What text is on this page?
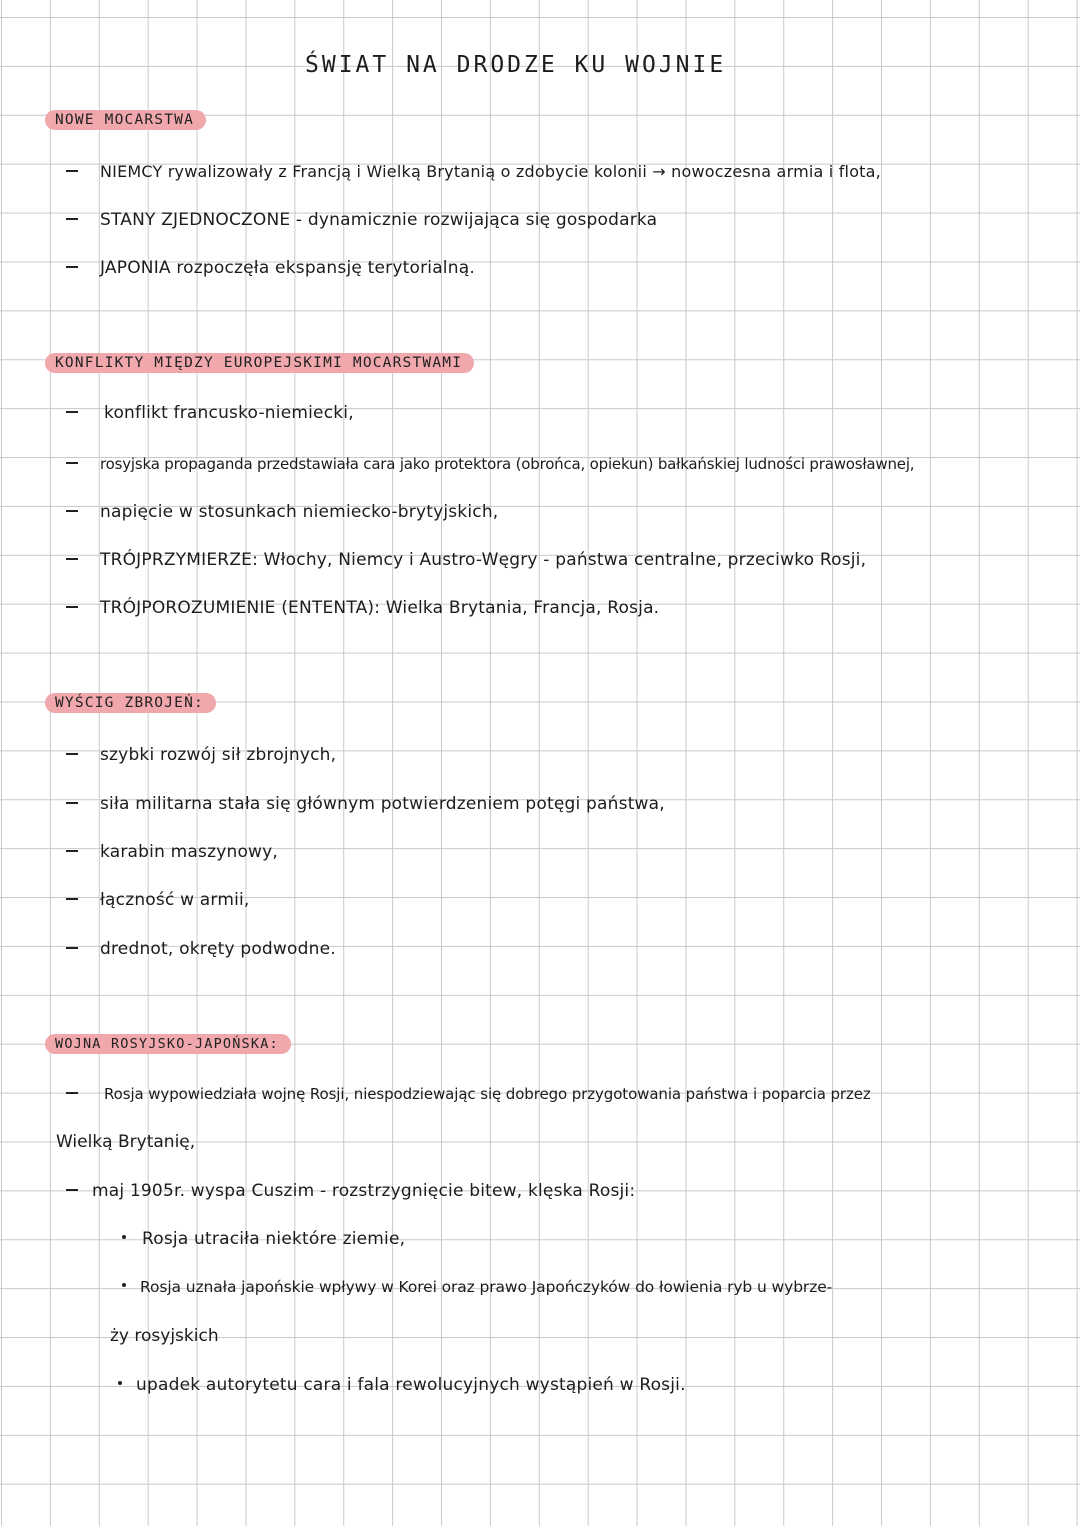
ŚWIAT NA DRODZE KU WOJNIE
NOWE MOCARSTWA
NIEMCY rywalizowały z Francją i Wielką Brytanią o zdobycie kolonii → nowoczesna armia i flota,
STANY ZJEDNOCZONE - dynamicznie rozwijająca się gospodarka
JAPONIA rozpoczęła ekspansję terytorialną.
KONFLIKTY MIĘDZY EUROPEJSKIMI MOCARSTWAMI
konflikt francusko-niemiecki,
rosyjska propaganda przedstawiała cara jako protektora (obrońca, opiekun) bałkańskiej ludności prawosławnej,
napięcie w stosunkach niemiecko-brytyjskich,
TRÓJPRZYMIERZE: Włochy, Niemcy i Austro-Węgry - państwa centralne, przeciwko Rosji,
TRÓJPOROZUMIENIE (ENTENTA): Wielka Brytania, Francja, Rosja.
WYŚCIG ZBROJEŃ:
szybki rozwój sił zbrojnych,
siła militarna stała się głównym potwierdzeniem potęgi państwa,
karabin maszynowy,
łączność w armii,
drednot, okręty podwodne.
WOJNA ROSYJSKO-JAPOŃSKA:
Rosja wypowiedziała wojnę Rosji, niespodziewając się dobrego przygotowania państwa i poparcia przez
Wielką Brytanię,
maj 1905r. wyspa Cuszim - rozstrzygnięcie bitew, klęska Rosji:
Rosja utraciła niektóre ziemie,
Rosja uznała japońskie wpływy w Korei oraz prawo Japończyków do łowienia ryb u wybrze-
ży rosyjskich
upadek autorytetu cara i fala rewolucyjnych wystąpień w Rosji.
